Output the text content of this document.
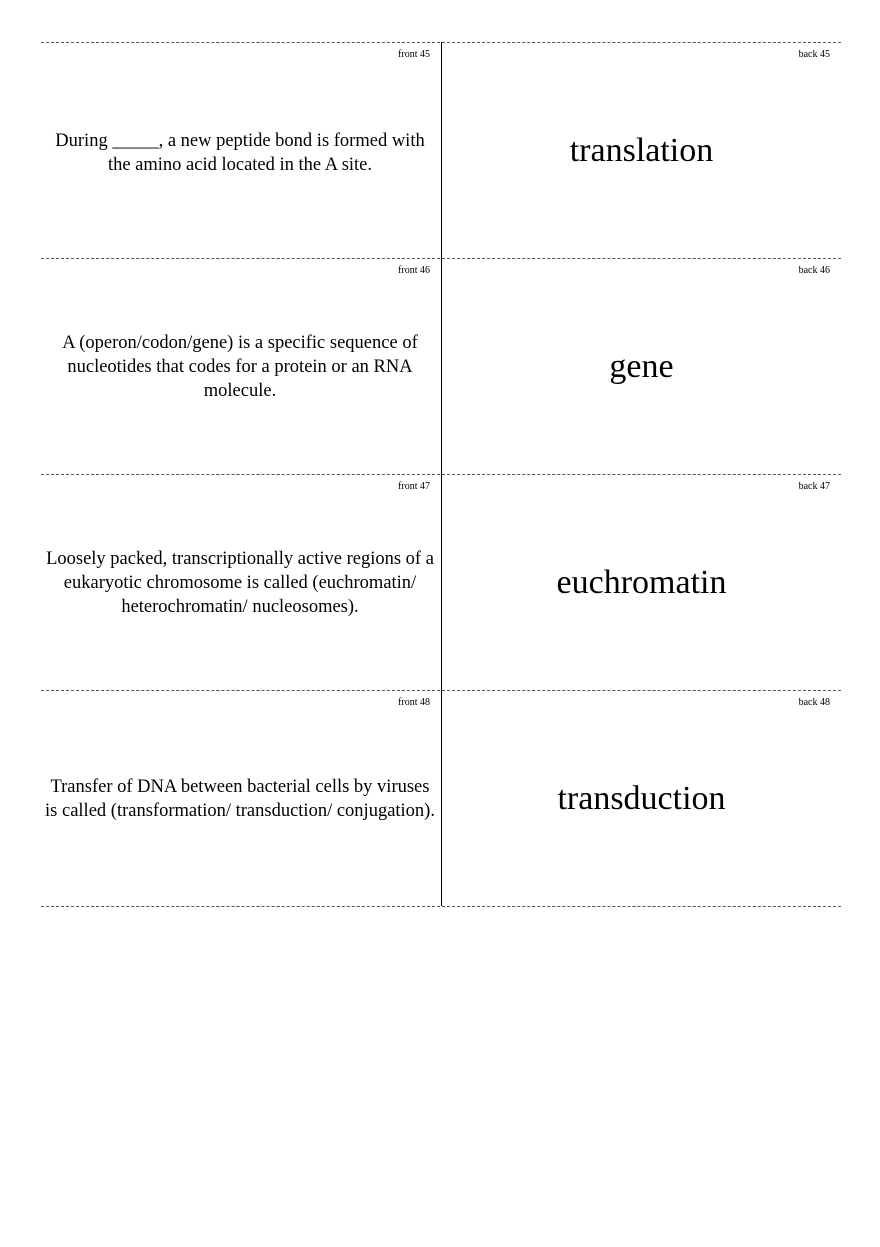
front 45
During _____, a new peptide bond is formed with the amino acid located in the A site.
back 45
translation
front 46
A (operon/codon/gene) is a specific sequence of nucleotides that codes for a protein or an RNA molecule.
back 46
gene
front 47
Loosely packed, transcriptionally active regions of a eukaryotic chromosome is called (euchromatin/ heterochromatin/ nucleosomes).
back 47
euchromatin
front 48
Transfer of DNA between bacterial cells by viruses is called (transformation/ transduction/ conjugation).
back 48
transduction
